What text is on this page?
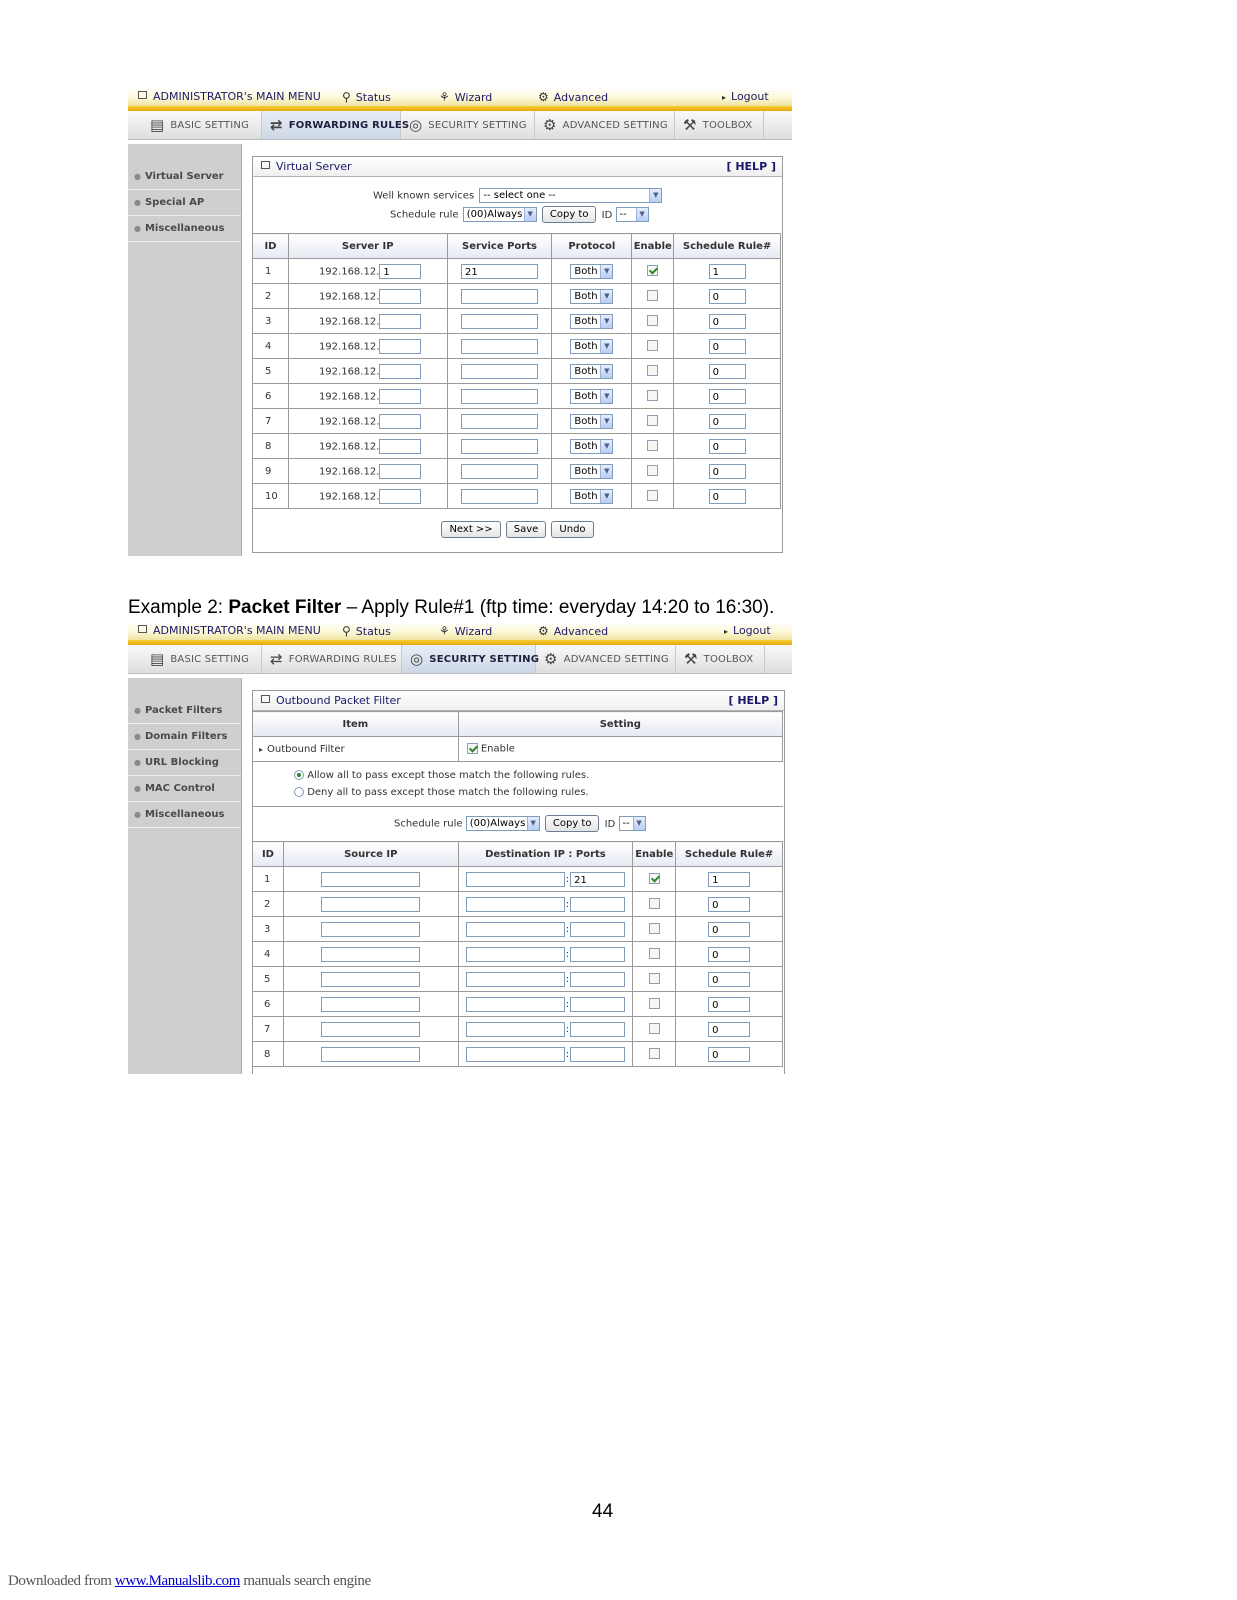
ADMINISTRATOR's MAIN MENU ⚲ Status	⚘ Wizard	⚙ Advanced	▸ Logout
▤ BASIC SETTING ⇄ FORWARDING RULES ◎ SECURITY SETTING ⚙ ADVANCED SETTING ⚒ TOOLBOX
● Virtual Server
● Special AP
● Miscellaneous
Virtual Server	[ HELP ]
Well known services -- select one --	▼
Schedule rule (00)Always ▼ Copy to ID --	▼
ID	Server IP	Service Ports	Protocol	Enable	Schedule Rule#
1	192.168.12. 1	21	Both ▼		1
2	192.168.12.		Both ▼		0
3	192.168.12.		Both ▼		0
4	192.168.12.		Both ▼		0
5	192.168.12.		Both ▼		0
6	192.168.12.		Both ▼		0
7	192.168.12.		Both ▼		0
8	192.168.12.		Both ▼		0
9	192.168.12.		Both ▼		0
10	192.168.12.		Both ▼		0
Next >> Save Undo
Example 2: Packet Filter – Apply Rule#1 (ftp time: everyday 14:20 to 16:30).
ADMINISTRATOR's MAIN MENU ⚲ Status	⚘ Wizard	⚙ Advanced	▸ Logout
▤ BASIC SETTING ⇄ FORWARDING RULES ◎ SECURITY SETTING ⚙ ADVANCED SETTING ⚒ TOOLBOX
● Packet Filters
● Domain Filters
● URL Blocking
● MAC Control
● Miscellaneous
Outbound Packet Filter	[ HELP ]
Item	Setting
▸ Outbound Filter	Enable
Allow all to pass except those match the following rules.
Deny all to pass except those match the following rules.
Schedule rule (00)Always ▼ Copy to ID -- ▼
ID	Source IP	Destination IP : Ports	Enable	Schedule Rule#
1		: 21		1
2		:		0
3		:		0
4		:		0
5		:		0
6		:		0
7		:		0
8		:		0
44
Downloaded from www.Manualslib.com manuals search engine
